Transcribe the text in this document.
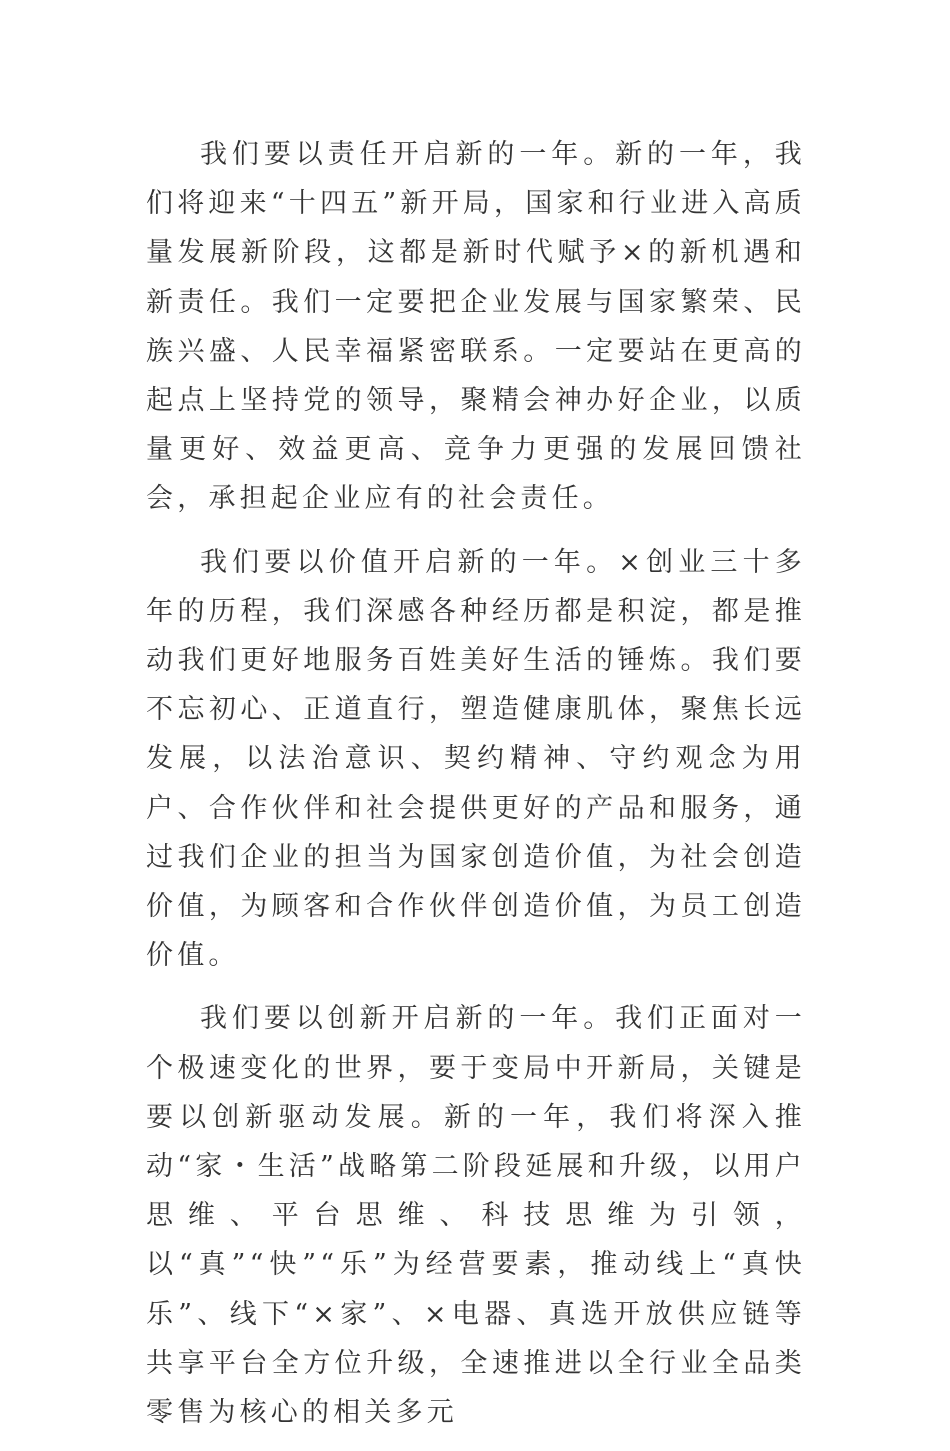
我们要以责任开启新的一年。新的一年，我们将迎来“十四五”新开局，国家和行业进入高质量发展新阶段，这都是新时代赋予×的新机遇和新责任。我们一定要把企业发展与国家繁荣、民族兴盛、人民幸福紧密联系。一定要站在更高的起点上坚持党的领导，聚精会神办好企业，以质量更好、效益更高、竞争力更强的发展回馈社会，承担起企业应有的社会责任。

我们要以价值开启新的一年。×创业三十多年的历程，我们深感各种经历都是积淀，都是推动我们更好地服务百姓美好生活的锤炼。我们要不忘初心、正道直行，塑造健康肌体，聚焦长远发展，以法治意识、契约精神、守约观念为用户、合作伙伴和社会提供更好的产品和服务，通过我们企业的担当为国家创造价值，为社会创造价值，为顾客和合作伙伴创造价值，为员工创造价值。

我们要以创新开启新的一年。我们正面对一个极速变化的世界，要于变局中开新局，关键是要以创新驱动发展。新的一年，我们将深入推动“家・生活”战略第二阶段延展和升级，以用户思维、平台思维、科技思维为引领，以“真”“快”“乐”为经营要素，推动线上“真快乐”、线下“×家”、×电器、真选开放供应链等共享平台全方位升级，全速推进以全行业全品类零售为核心的相关多元
